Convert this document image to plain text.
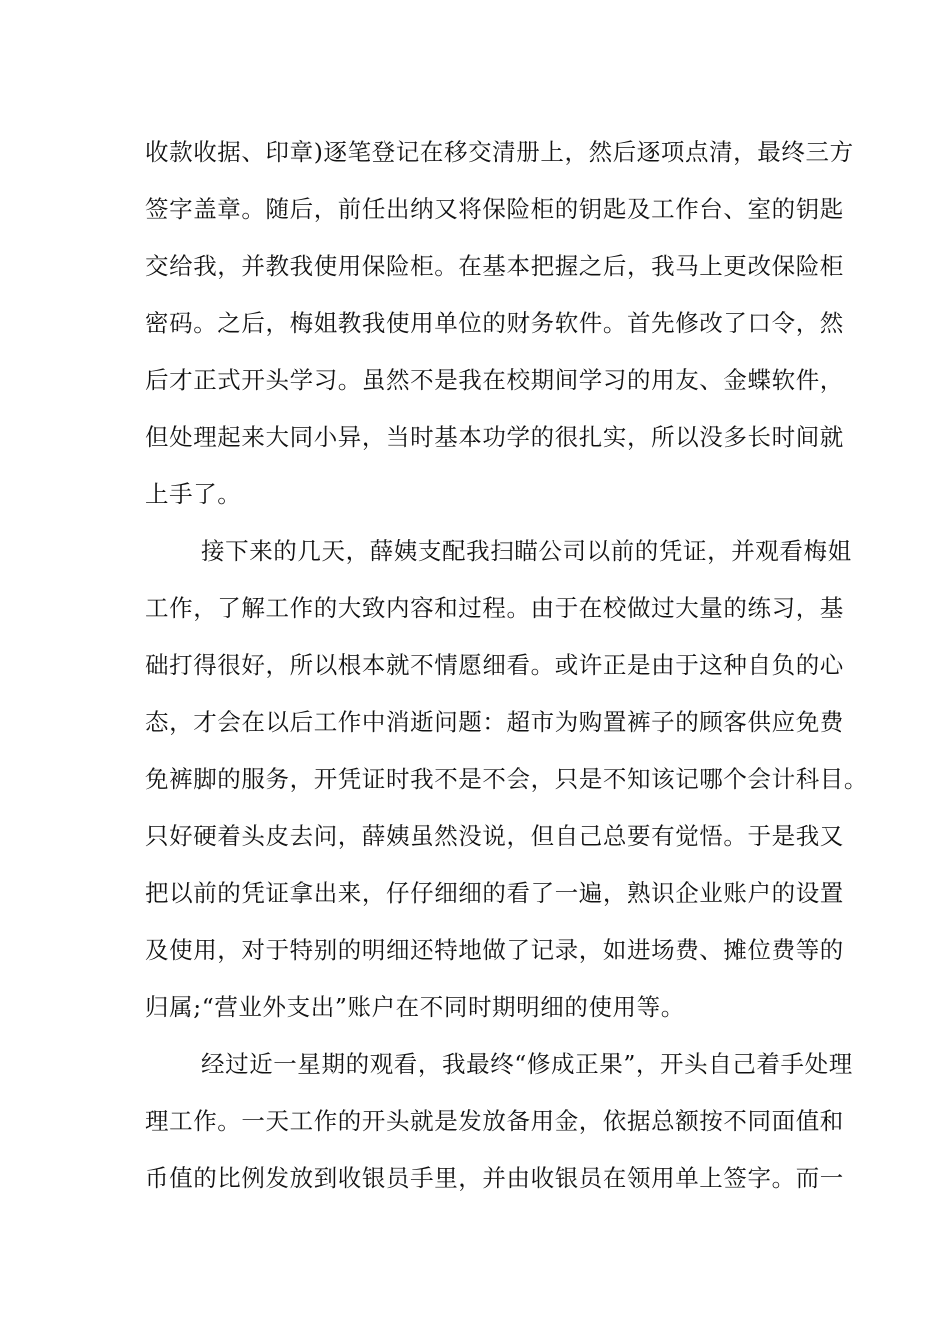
收款收据、印章)逐笔登记在移交清册上，然后逐项点清，最终三方
签字盖章。随后，前任出纳又将保险柜的钥匙及工作台、室的钥匙
交给我，并教我使用保险柜。在基本把握之后，我马上更改保险柜
密码。之后，梅姐教我使用单位的财务软件。首先修改了口令，然
后才正式开头学习。虽然不是我在校期间学习的用友、金蝶软件，
但处理起来大同小异，当时基本功学的很扎实，所以没多长时间就
上手了。
接下来的几天，薛姨支配我扫瞄公司以前的凭证，并观看梅姐
工作，了解工作的大致内容和过程。由于在校做过大量的练习，基
础打得很好，所以根本就不情愿细看。或许正是由于这种自负的心
态，才会在以后工作中消逝问题：超市为购置裤子的顾客供应免费
免裤脚的服务，开凭证时我不是不会，只是不知该记哪个会计科目。
只好硬着头皮去问，薛姨虽然没说，但自己总要有觉悟。于是我又
把以前的凭证拿出来，仔仔细细的看了一遍，熟识企业账户的设置
及使用，对于特别的明细还特地做了记录，如进场费、摊位费等的
归属;“营业外支出”账户在不同时期明细的使用等。
经过近一星期的观看，我最终“修成正果”，开头自己着手处理
理工作。一天工作的开头就是发放备用金，依据总额按不同面值和
币值的比例发放到收银员手里，并由收银员在领用单上签字。而一
